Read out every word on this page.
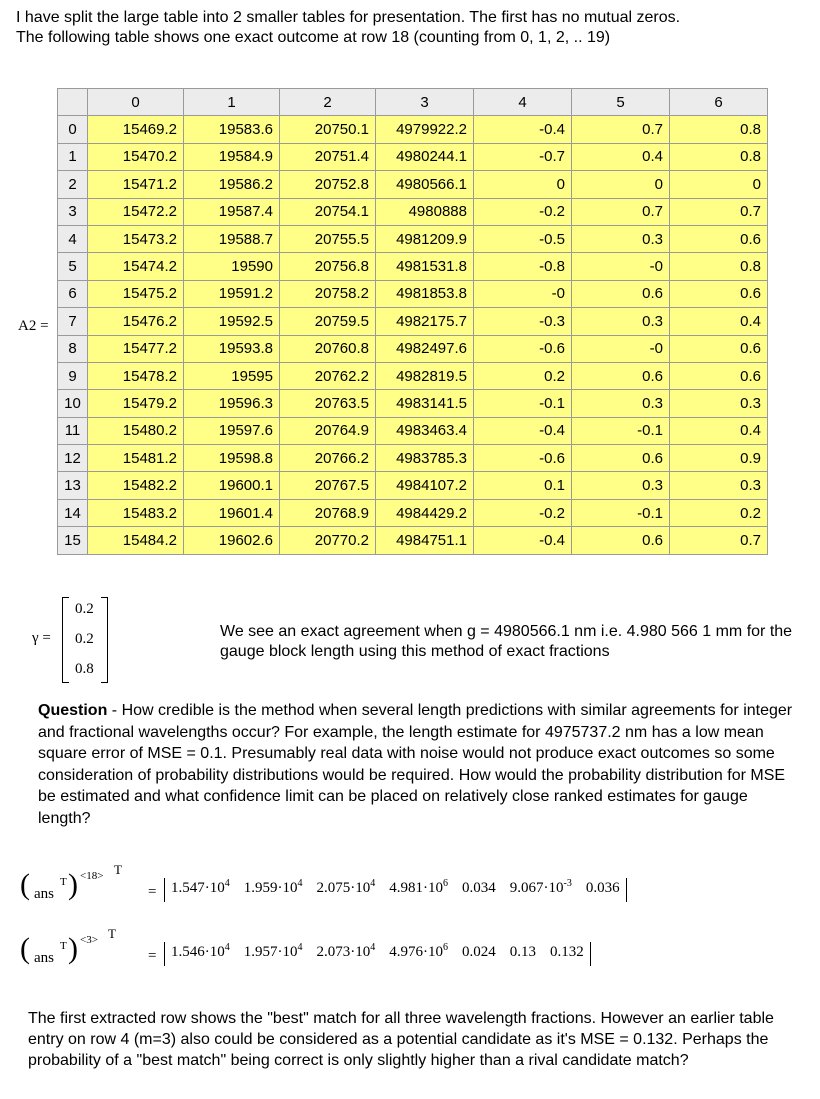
I have split the large table into 2 smaller tables for presentation. The first has no mutual zeros.
The following table shows one exact outcome at row 18 (counting from 0, 1, 2, .. 19)
A2 =
	0	1	2	3	4	5	6
0	15469.2	19583.6	20750.1	4979922.2	-0.4	0.7	0.8
1	15470.2	19584.9	20751.4	4980244.1	-0.7	0.4	0.8
2	15471.2	19586.2	20752.8	4980566.1	0	0	0
3	15472.2	19587.4	20754.1	4980888	-0.2	0.7	0.7
4	15473.2	19588.7	20755.5	4981209.9	-0.5	0.3	0.6
5	15474.2	19590	20756.8	4981531.8	-0.8	-0	0.8
6	15475.2	19591.2	20758.2	4981853.8	-0	0.6	0.6
7	15476.2	19592.5	20759.5	4982175.7	-0.3	0.3	0.4
8	15477.2	19593.8	20760.8	4982497.6	-0.6	-0	0.6
9	15478.2	19595	20762.2	4982819.5	0.2	0.6	0.6
10	15479.2	19596.3	20763.5	4983141.5	-0.1	0.3	0.3
11	15480.2	19597.6	20764.9	4983463.4	-0.4	-0.1	0.4
12	15481.2	19598.8	20766.2	4983785.3	-0.6	0.6	0.9
13	15482.2	19600.1	20767.5	4984107.2	0.1	0.3	0.3
14	15483.2	19601.4	20768.9	4984429.2	-0.2	-0.1	0.2
15	15484.2	19602.6	20770.2	4984751.1	-0.4	0.6	0.7
γ =
0.2
0.2
0.8
We see an exact agreement when g = 4980566.1 nm i.e. 4.980 566 1 mm for the gauge block length using this method of exact fractions
Question - How credible is the method when several length predictions with similar agreements for integer and fractional wavelengths occur? For example, the length estimate for 4975737.2 nm has a low mean square error of MSE = 0.1. Presumably real data with noise would not produce exact outcomes so some consideration of probability distributions would be required. How would the probability distribution for MSE be estimated and what confidence limit can be placed on relatively close ranked estimates for gauge length?
( ans
T ) <18> T
= $1.547\cdot 10^4$ $1.959\cdot 10^4$ $2.075\cdot 10^4$ $4.981\cdot 10^6$ 0.034 $9.067\cdot 10^{-3}$ 0.036
( ans
T ) <3> T
= $1.546\cdot 10^4$ $1.957\cdot 10^4$ $2.073\cdot 10^4$ $4.976\cdot 10^6$ 0.024 0.13 0.132
The first extracted row shows the "best" match for all three wavelength fractions. However an earlier table entry on row 4 (m=3) also could be considered as a potential candidate as it's MSE = 0.132. Perhaps the probability of a "best match" being correct is only slightly higher than a rival candidate match?
